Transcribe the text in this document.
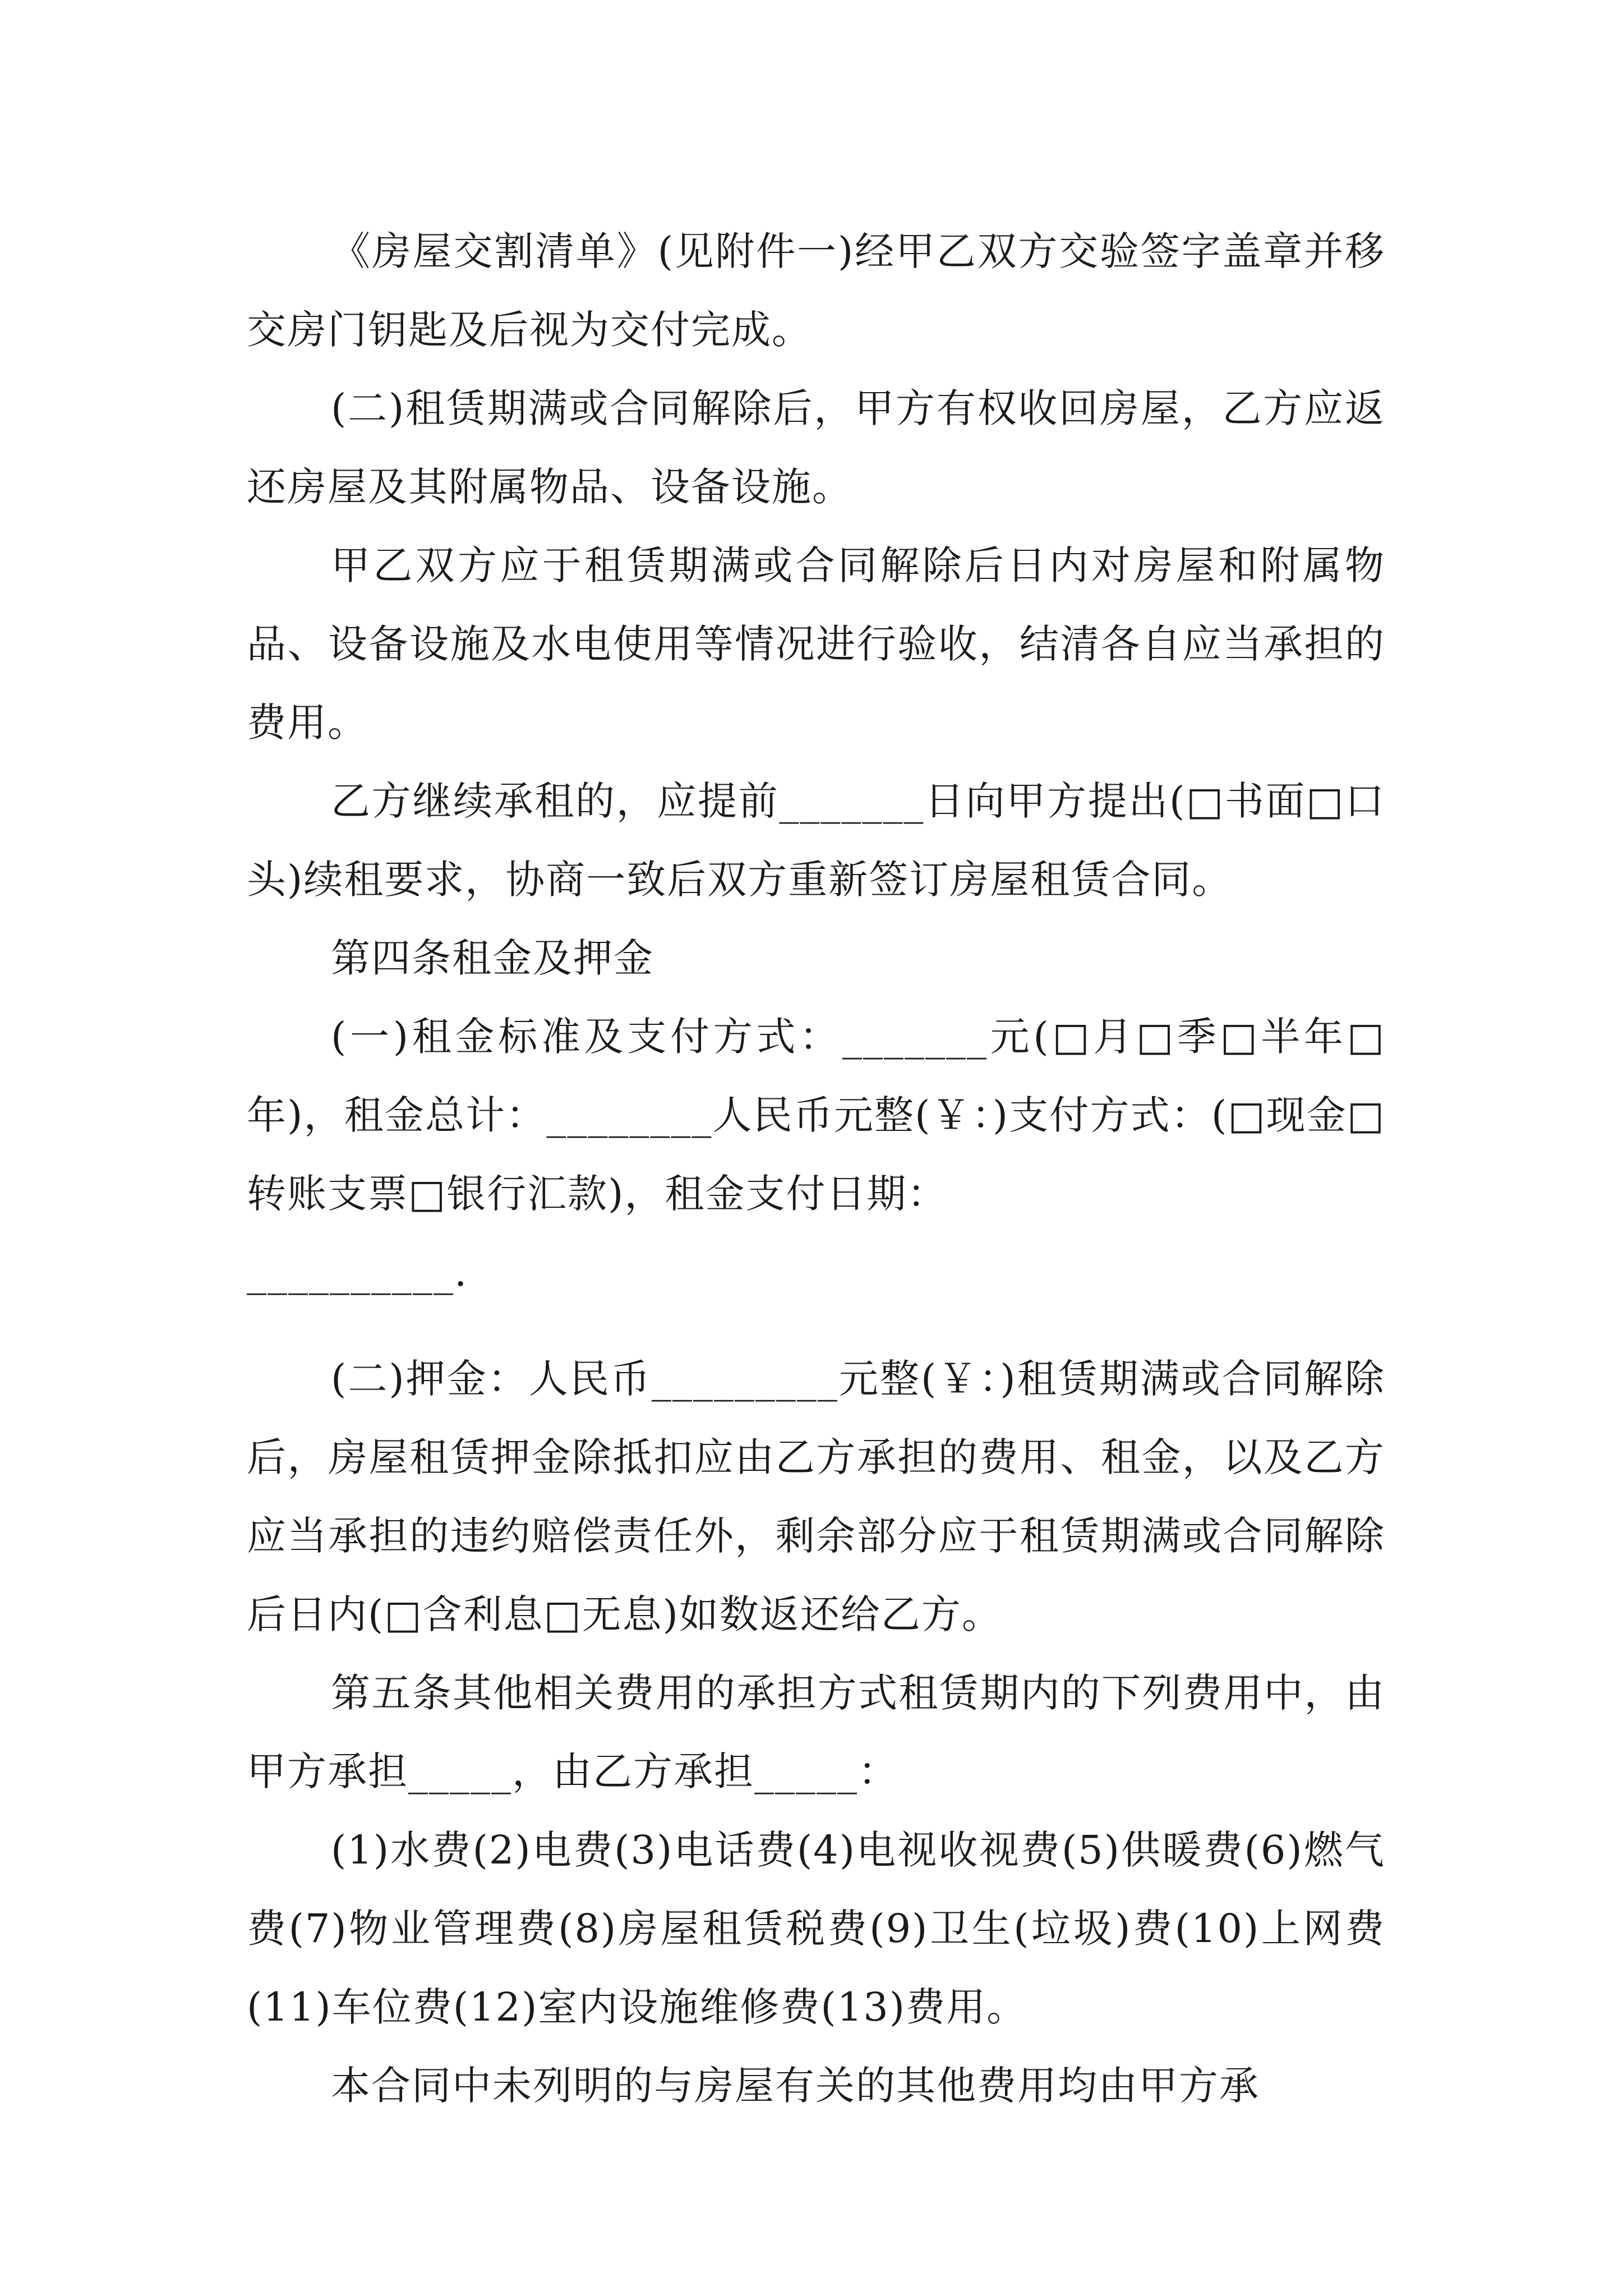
《房屋交割清单》(见附件一)经甲乙双方交验签字盖章并移交房门钥匙及后视为交付完成。

(二)租赁期满或合同解除后，甲方有权收回房屋，乙方应返还房屋及其附属物品、设备设施。

甲乙双方应于租赁期满或合同解除后日内对房屋和附属物品、设备设施及水电使用等情况进行验收，结清各自应当承担的费用。

乙方继续承租的，应提前_______日向甲方提出(□书面□口头)续租要求，协商一致后双方重新签订房屋租赁合同。

第四条租金及押金

(一)租金标准及支付方式：_______元(□月□季□半年□年)，租金总计：________人民币元整(￥：)支付方式：(□现金□转账支票□银行汇款)，租金支付日期：

__________.

(二)押金：人民币_________元整(￥：)租赁期满或合同解除后，房屋租赁押金除抵扣应由乙方承担的费用、租金，以及乙方应当承担的违约赔偿责任外，剩余部分应于租赁期满或合同解除后日内(□含利息□无息)如数返还给乙方。

第五条其他相关费用的承担方式租赁期内的下列费用中，由甲方承担_____，由乙方承担_____：

(1)水费(2)电费(3)电话费(4)电视收视费(5)供暖费(6)燃气费(7)物业管理费(8)房屋租赁税费(9)卫生(垃圾)费(10)上网费(11)车位费(12)室内设施维修费(13)费用。

本合同中未列明的与房屋有关的其他费用均由甲方承
